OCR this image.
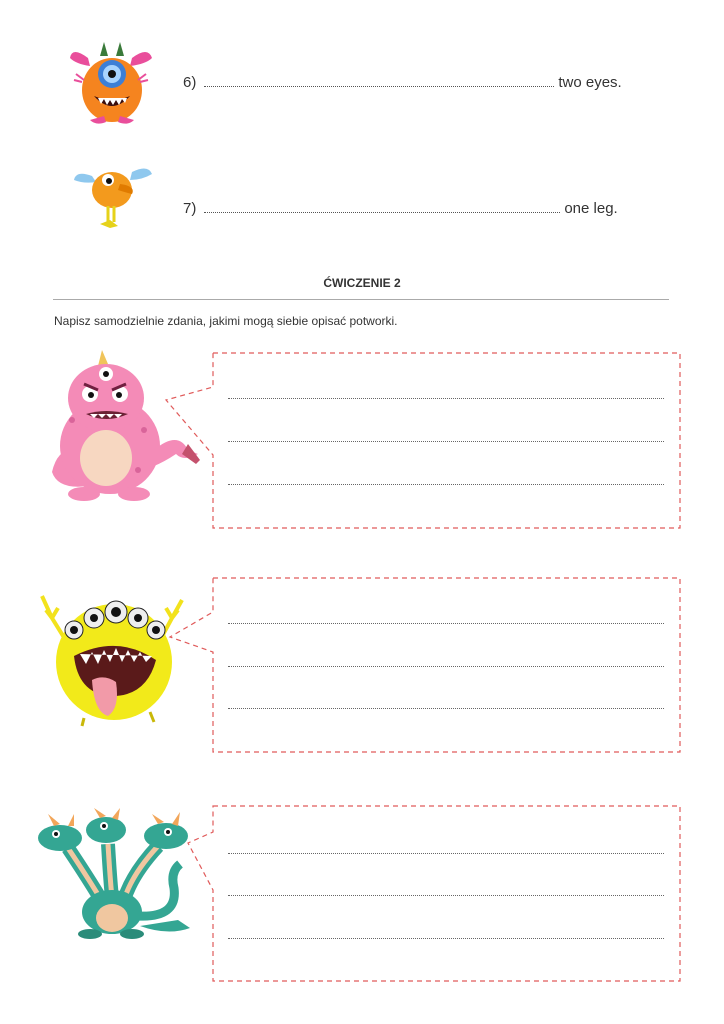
6)	two eyes.
7)	one leg.
ĆWICZENIE 2
Napisz samodzielnie zdania, jakimi mogą siebie opisać potworki.
